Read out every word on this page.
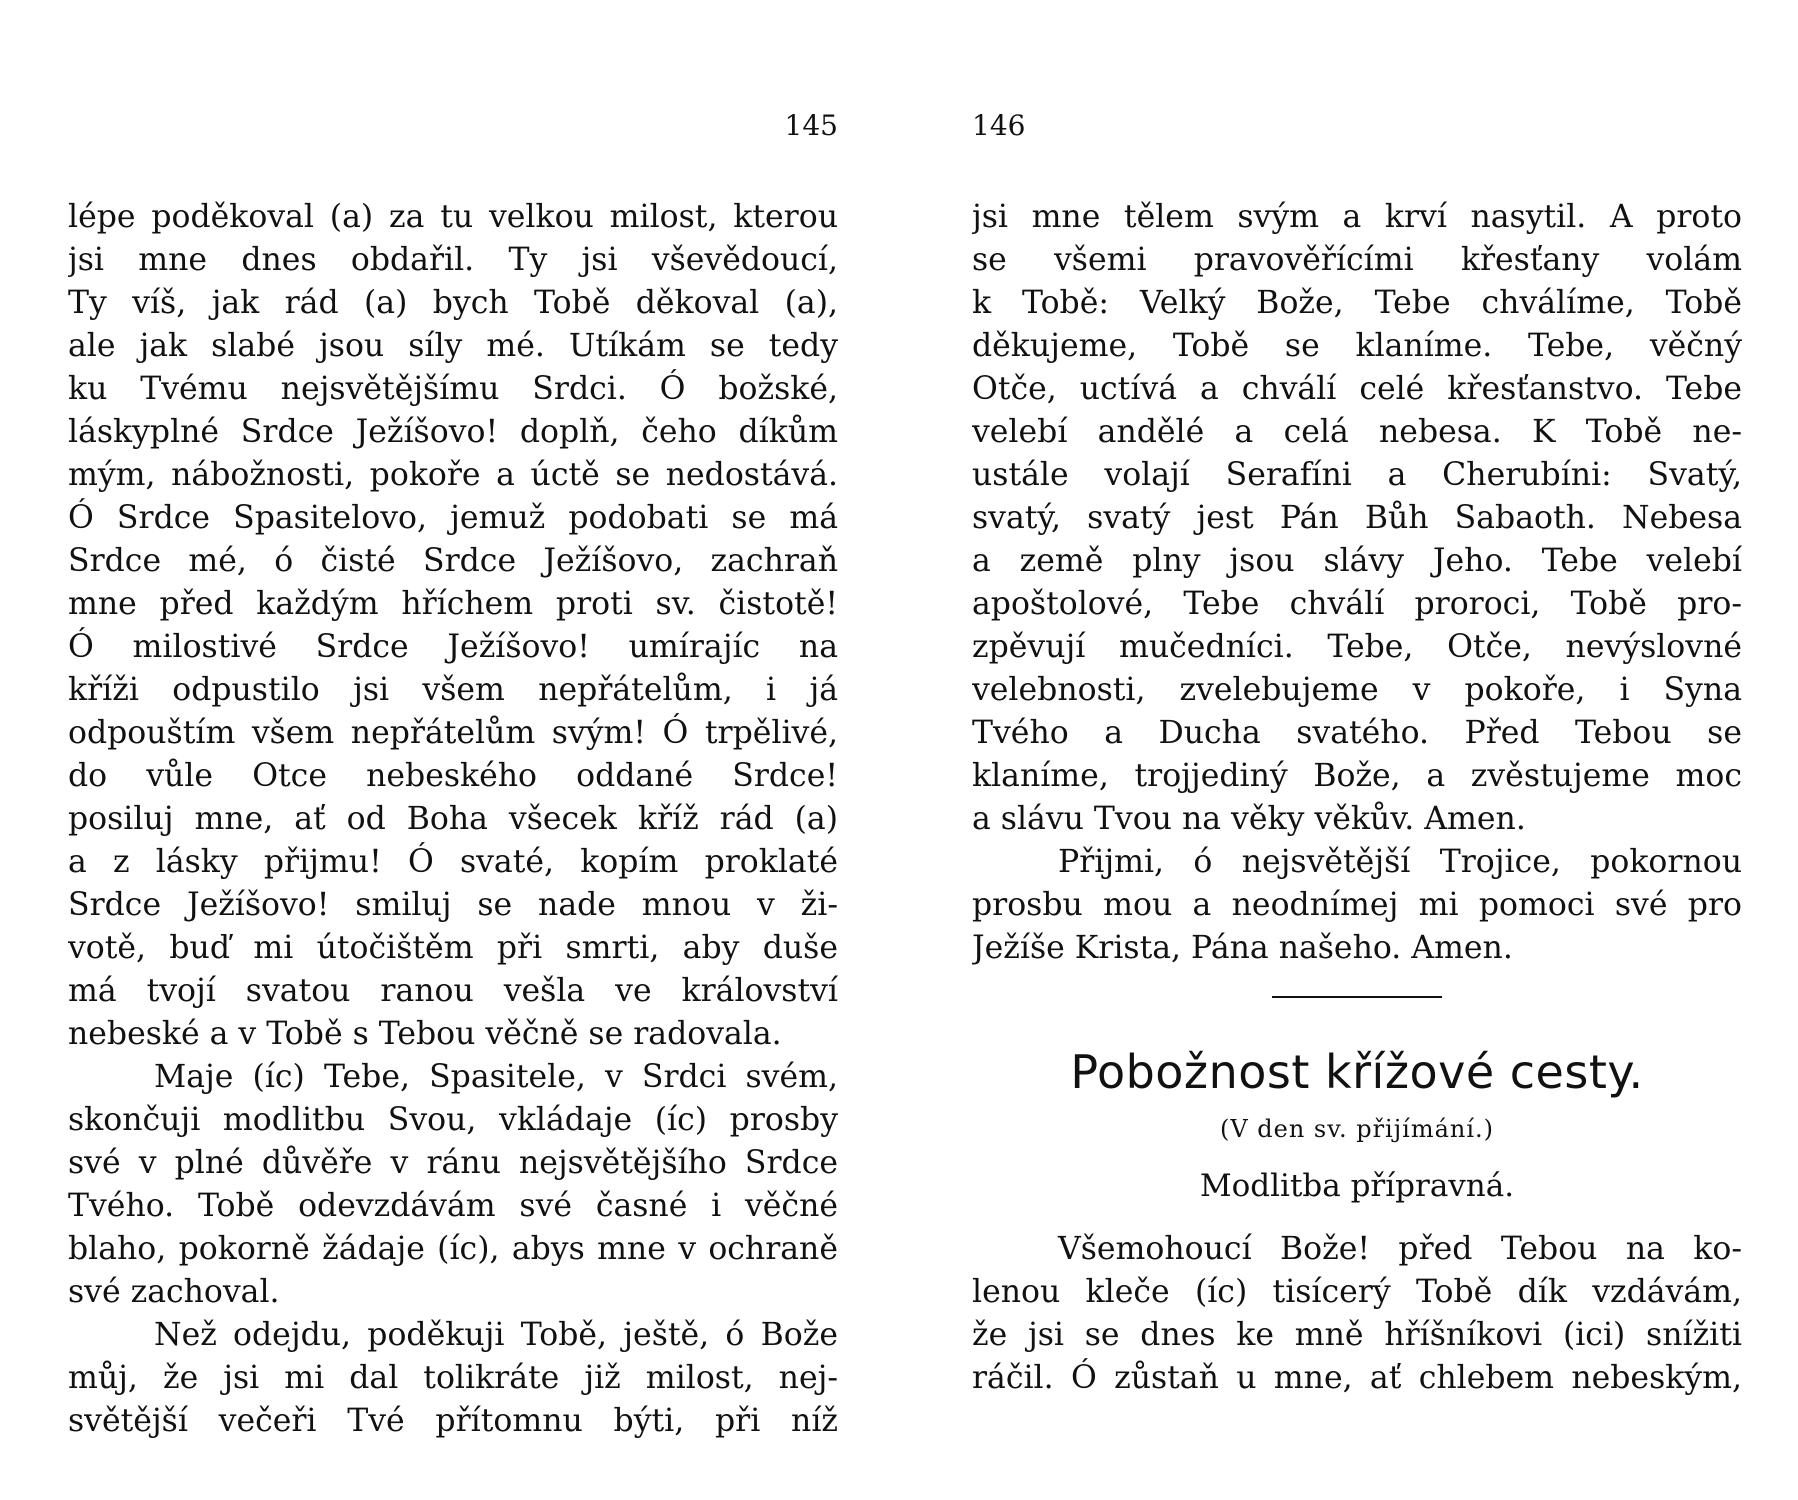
145
lépe poděkoval (a) za tu velkou milost, kterou
jsi mne dnes obdařil. Ty jsi vševědoucí,
Ty víš, jak rád (a) bych Tobě děkoval (a),
ale jak slabé jsou síly mé. Utíkám se tedy
ku Tvému nejsvětějšímu Srdci. Ó božské,
láskyplné Srdce Ježíšovo! doplň, čeho díkům
mým, nábožnosti, pokoře a úctě se nedostává.
Ó Srdce Spasitelovo, jemuž podobati se má
Srdce mé, ó čisté Srdce Ježíšovo, zachraň
mne před každým hříchem proti sv. čistotě!
Ó milostivé Srdce Ježíšovo! umírajíc na
kříži odpustilo jsi všem nepřátelům, i já
odpouštím všem nepřátelům svým! Ó trpělivé,
do vůle Otce nebeského oddané Srdce!
posiluj mne, ať od Boha všecek kříž rád (a)
a z lásky přijmu! Ó svaté, kopím proklaté
Srdce Ježíšovo! smiluj se nade mnou v ži-
votě, buď mi útočištěm při smrti, aby duše
má tvojí svatou ranou vešla ve království
nebeské a v Tobě s Tebou věčně se radovala.
Maje (íc) Tebe, Spasitele, v Srdci svém,
skončuji modlitbu Svou, vkládaje (íc) prosby
své v plné důvěře v ránu nejsvětějšího Srdce
Tvého. Tobě odevzdávám své časné i věčné
blaho, pokorně žádaje (íc), abys mne v ochraně
své zachoval.
Než odejdu, poděkuji Tobě, ještě, ó Bože
můj, že jsi mi dal tolikráte již milost, nej-
světější večeři Tvé přítomnu býti, při níž
146
jsi mne tělem svým a krví nasytil. A proto
se všemi pravověřícími křesťany volám
k Tobě: Velký Bože, Tebe chválíme, Tobě
děkujeme, Tobě se klaníme. Tebe, věčný
Otče, uctívá a chválí celé křesťanstvo. Tebe
velebí andělé a celá nebesa. K Tobě ne-
ustále volají Serafíni a Cherubíni: Svatý,
svatý, svatý jest Pán Bůh Sabaoth. Nebesa
a země plny jsou slávy Jeho. Tebe velebí
apoštolové, Tebe chválí proroci, Tobě pro-
zpěvují mučedníci. Tebe, Otče, nevýslovné
velebnosti, zvelebujeme v pokoře, i Syna
Tvého a Ducha svatého. Před Tebou se
klaníme, trojjediný Bože, a zvěstujeme moc
a slávu Tvou na věky věkův. Amen.
Přijmi, ó nejsvětější Trojice, pokornou
prosbu mou a neodnímej mi pomoci své pro
Ježíše Krista, Pána našeho. Amen.
Pobožnost křížové cesty.
(V den sv. přijímání.)
Modlitba přípravná.
Všemohoucí Bože! před Tebou na ko-
lenou kleče (íc) tisícerý Tobě dík vzdávám,
že jsi se dnes ke mně hříšníkovi (ici) snížiti
ráčil. Ó zůstaň u mne, ať chlebem nebeským,
